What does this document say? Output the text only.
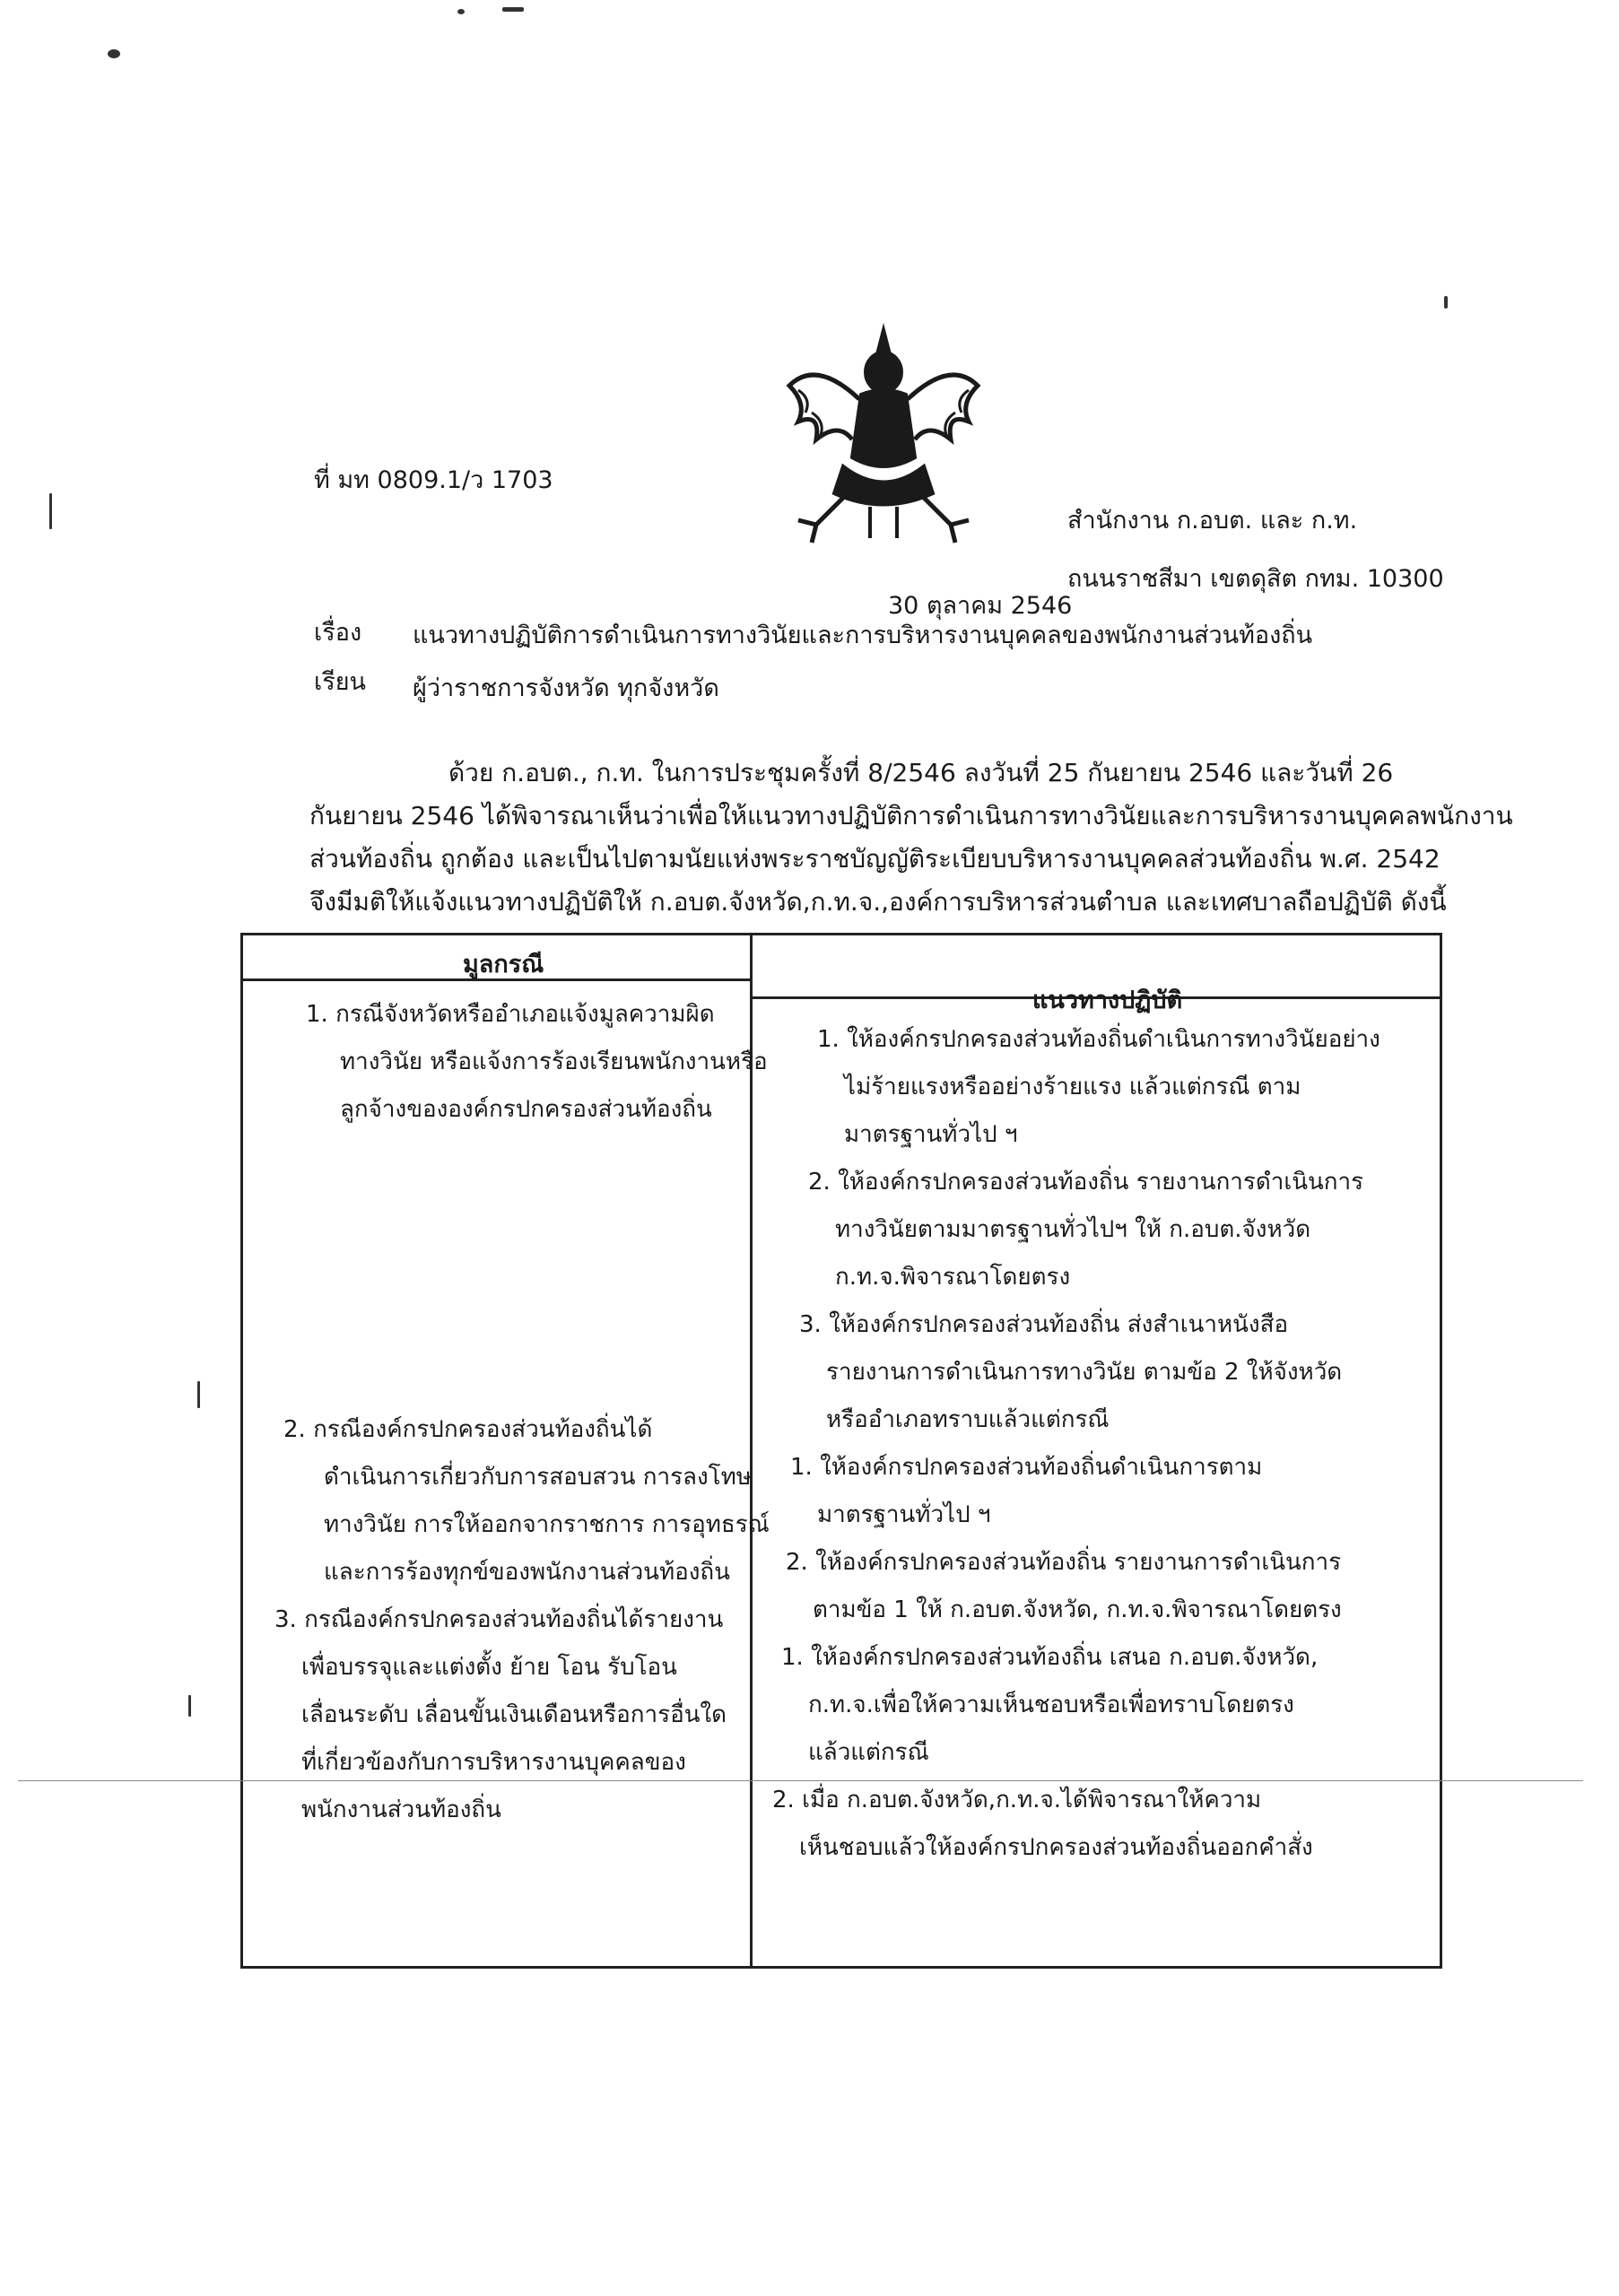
ที่ มท 0809.1/ว 1703
สำนักงาน ก.อบต. และ ก.ท.
ถนนราชสีมา เขตดุสิต กทม. 10300
30 ตุลาคม 2546
เรื่อง แนวทางปฏิบัติการดำเนินการทางวินัยและการบริหารงานบุคคลของพนักงานส่วนท้องถิ่น
เรียน ผู้ว่าราชการจังหวัด ทุกจังหวัด
ด้วย ก.อบต., ก.ท. ในการประชุมครั้งที่ 8/2546 ลงวันที่ 25 กันยายน 2546 และวันที่ 26
กันยายน 2546 ได้พิจารณาเห็นว่าเพื่อให้แนวทางปฏิบัติการดำเนินการทางวินัยและการบริหารงานบุคคลพนักงาน
ส่วนท้องถิ่น ถูกต้อง และเป็นไปตามนัยแห่งพระราชบัญญัติระเบียบบริหารงานบุคคลส่วนท้องถิ่น พ.ศ. 2542
จึงมีมติให้แจ้งแนวทางปฏิบัติให้ ก.อบต.จังหวัด,ก.ท.จ.,องค์การบริหารส่วนตำบล และเทศบาลถือปฏิบัติ ดังนี้
มูลกรณี
แนวทางปฏิบัติ
1. กรณีจังหวัดหรืออำเภอแจ้งมูลความผิด
ทางวินัย หรือแจ้งการร้องเรียนพนักงานหรือ
ลูกจ้างขององค์กรปกครองส่วนท้องถิ่น
2. กรณีองค์กรปกครองส่วนท้องถิ่นได้
ดำเนินการเกี่ยวกับการสอบสวน การลงโทษ
ทางวินัย การให้ออกจากราชการ การอุทธรณ์
และการร้องทุกข์ของพนักงานส่วนท้องถิ่น
3. กรณีองค์กรปกครองส่วนท้องถิ่นได้รายงาน
เพื่อบรรจุและแต่งตั้ง ย้าย โอน รับโอน
เลื่อนระดับ เลื่อนขั้นเงินเดือนหรือการอื่นใด
ที่เกี่ยวข้องกับการบริหารงานบุคคลของ
พนักงานส่วนท้องถิ่น
1. ให้องค์กรปกครองส่วนท้องถิ่นดำเนินการทางวินัยอย่าง
ไม่ร้ายแรงหรืออย่างร้ายแรง แล้วแต่กรณี ตาม
มาตรฐานทั่วไป ฯ
2. ให้องค์กรปกครองส่วนท้องถิ่น รายงานการดำเนินการ
ทางวินัยตามมาตรฐานทั่วไปฯ ให้ ก.อบต.จังหวัด
ก.ท.จ.พิจารณาโดยตรง
3. ให้องค์กรปกครองส่วนท้องถิ่น ส่งสำเนาหนังสือ
รายงานการดำเนินการทางวินัย ตามข้อ 2 ให้จังหวัด
หรืออำเภอทราบแล้วแต่กรณี
1. ให้องค์กรปกครองส่วนท้องถิ่นดำเนินการตาม
มาตรฐานทั่วไป ฯ
2. ให้องค์กรปกครองส่วนท้องถิ่น รายงานการดำเนินการ
ตามข้อ 1 ให้ ก.อบต.จังหวัด, ก.ท.จ.พิจารณาโดยตรง
1. ให้องค์กรปกครองส่วนท้องถิ่น เสนอ ก.อบต.จังหวัด,
ก.ท.จ.เพื่อให้ความเห็นชอบหรือเพื่อทราบโดยตรง
แล้วแต่กรณี
2. เมื่อ ก.อบต.จังหวัด,ก.ท.จ.ได้พิจารณาให้ความ
เห็นชอบแล้วให้องค์กรปกครองส่วนท้องถิ่นออกคำสั่ง
